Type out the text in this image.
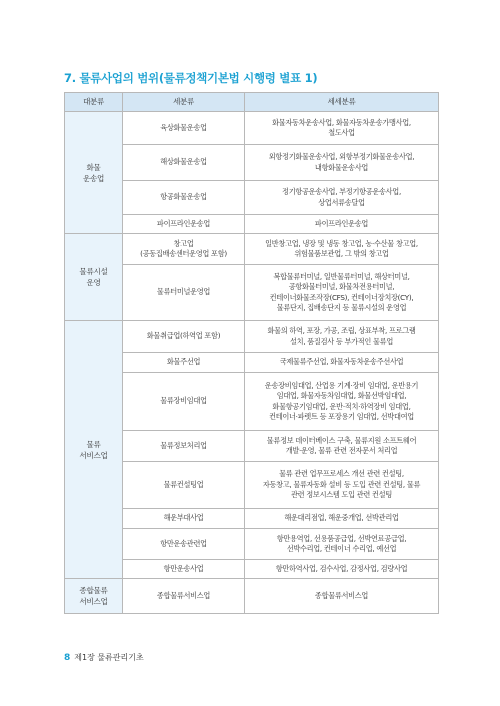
7. 물류사업의 범위(물류정책기본법 시행령 별표 1)
대분류	세분류	세세분류

화물
운송업	육상화물운송업	화물자동차운송사업, 화물자동차운송가맹사업,
철도사업

	해상화물운송업	외항정기화물운송사업, 외항부정기화물운송사업,
내항화물운송사업

	항공화물운송업	정기항공운송사업, 부정기항공운송사업,
상업서류송달업

	파이프라인운송업	파이프라인운송업

물류시설
운영	창고업
(공동집배송센터운영업 포함)	일반창고업, 냉장 및 냉동 창고업, 농·수산물 창고업,
위험물품보관업, 그 밖의 창고업

	물류터미널운영업	복합물류터미널, 일반물류터미널, 해상터미널,
공항화물터미널, 화물차전용터미널,
컨테이너화물조작장(CFS), 컨테이너장치장(CY),
물류단지, 집배송단지 등 물류시설의 운영업

물류
서비스업	화물취급업(하역업 포함)	화물의 하역, 포장, 가공, 조립, 상표부착, 프로그램
설치, 품질검사 등 부가적인 물류업

	화물주선업	국제물류주선업, 화물자동차운송주선사업

	물류장비임대업	운송장비임대업, 산업용 기계·장비 임대업, 운반용기
임대업, 화물자동차임대업, 화물선박임대업,
화물항공기임대업, 운반·적치·하역장비 임대업,
컨테이너·파렛트 등 포장용기 임대업, 선박대여업

	물류정보처리업	물류정보 데이터베이스 구축, 물류지원 소프트웨어
개발·운영, 물류 관련 전자문서 처리업

	물류컨설팅업	물류 관련 업무프로세스 개선 관련 컨설팅,
자동창고, 물류자동화 설비 등 도입 관련 컨설팅, 물류
관련 정보시스템 도입 관련 컨설팅

	해운부대사업	해운대리점업, 해운중개업, 선박관리업

	항만운송관련업	항만용역업, 선용품공급업, 선박연료공급업,
선박수리업, 컨테이너 수리업, 예선업

	항만운송사업	항만하역사업, 검수사업, 감정사업, 검량사업

종합물류
서비스업	종합물류서비스업	종합물류서비스업
8 제1장 물류관리기초
